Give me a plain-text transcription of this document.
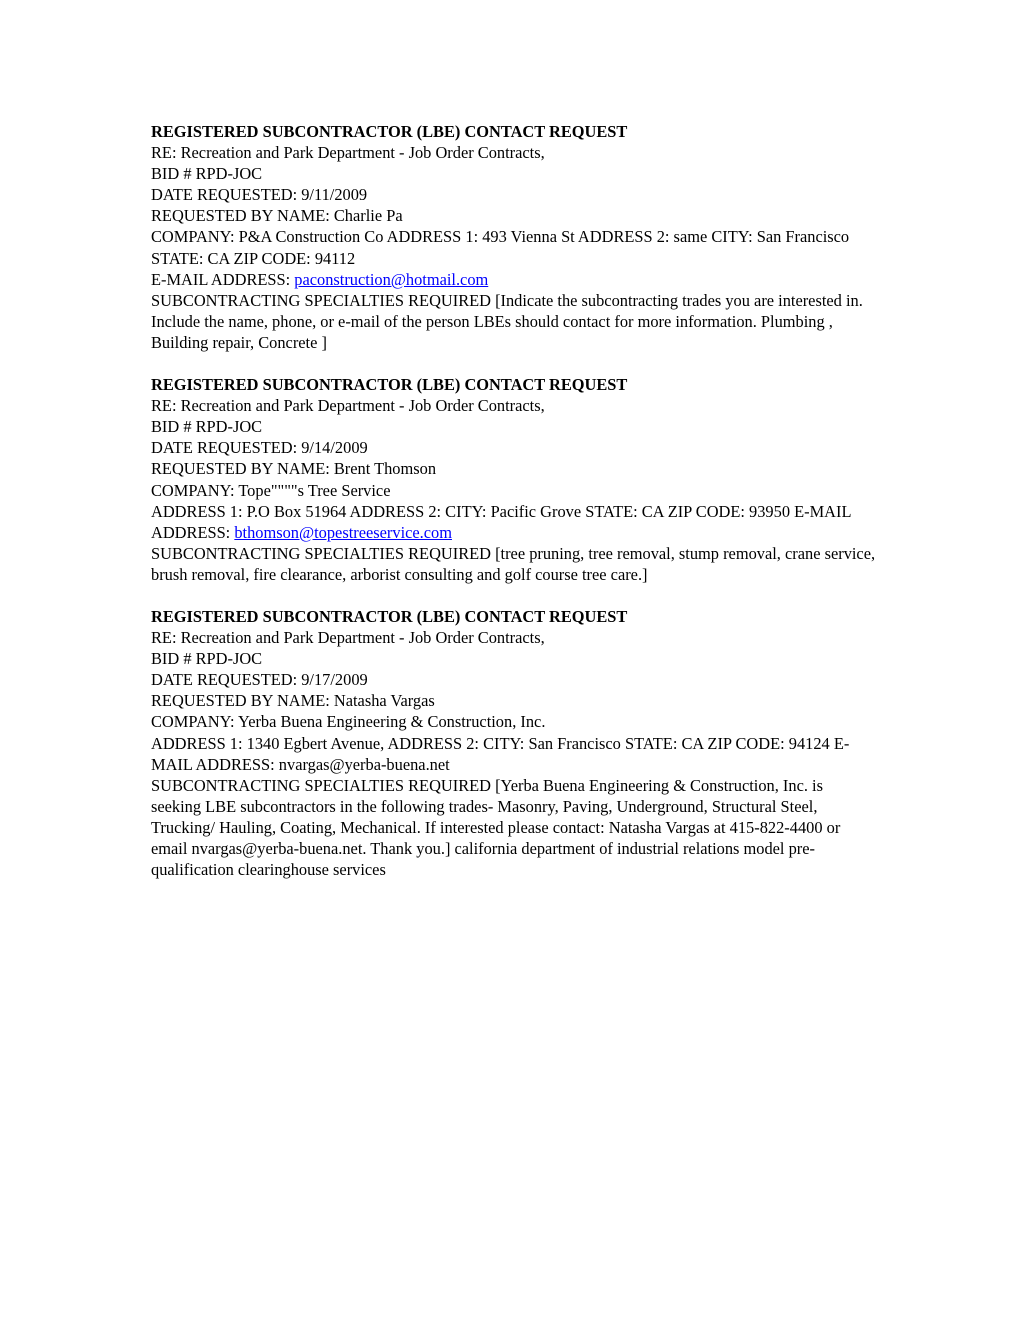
REGISTERED SUBCONTRACTOR (LBE) CONTACT REQUEST
RE: Recreation and Park Department - Job Order Contracts,
BID # RPD-JOC
DATE REQUESTED: 9/11/2009
REQUESTED BY NAME: Charlie Pa
COMPANY: P&A Construction Co ADDRESS 1: 493 Vienna St ADDRESS 2: same CITY: San Francisco STATE: CA ZIP CODE: 94112
E-MAIL ADDRESS: paconstruction@hotmail.com
SUBCONTRACTING SPECIALTIES REQUIRED [Indicate the subcontracting trades you are interested in. Include the name, phone, or e-mail of the person LBEs should contact for more information. Plumbing , Building repair, Concrete ]
REGISTERED SUBCONTRACTOR (LBE) CONTACT REQUEST
RE: Recreation and Park Department - Job Order Contracts,
BID # RPD-JOC
DATE REQUESTED: 9/14/2009
REQUESTED BY NAME: Brent Thomson
COMPANY: Tope""""s Tree Service
ADDRESS 1: P.O Box 51964 ADDRESS 2: CITY: Pacific Grove STATE: CA ZIP CODE: 93950 E-MAIL ADDRESS: bthomson@topestreeservice.com
SUBCONTRACTING SPECIALTIES REQUIRED [tree pruning, tree removal, stump removal, crane service, brush removal, fire clearance, arborist consulting and golf course tree care.]
REGISTERED SUBCONTRACTOR (LBE) CONTACT REQUEST
RE: Recreation and Park Department - Job Order Contracts,
BID # RPD-JOC
DATE REQUESTED: 9/17/2009
REQUESTED BY NAME: Natasha Vargas
COMPANY: Yerba Buena Engineering & Construction, Inc.
ADDRESS 1: 1340 Egbert Avenue, ADDRESS 2: CITY: San Francisco STATE: CA ZIP CODE: 94124 E-MAIL ADDRESS: nvargas@yerba-buena.net
SUBCONTRACTING SPECIALTIES REQUIRED [Yerba Buena Engineering & Construction, Inc. is seeking LBE subcontractors in the following trades- Masonry, Paving, Underground, Structural Steel, Trucking/ Hauling, Coating, Mechanical. If interested please contact: Natasha Vargas at 415-822-4400 or email nvargas@yerba-buena.net. Thank you.] california department of industrial relations model pre-qualification clearinghouse services
